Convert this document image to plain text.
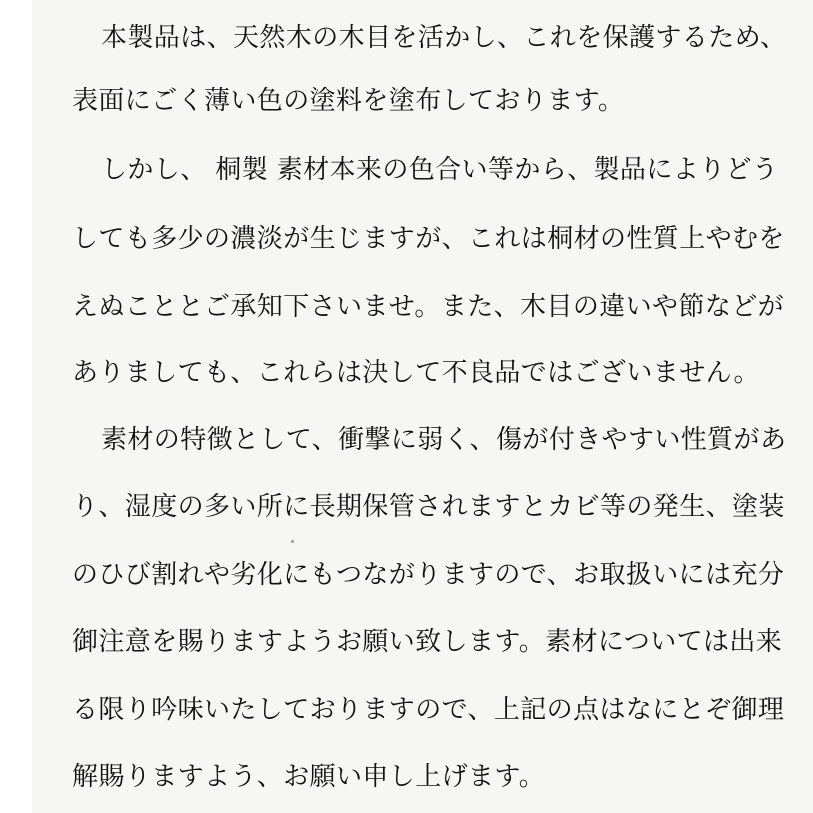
本製品は、天然木の木目を活かし、これを保護するため、
表面にごく薄い色の塗料を塗布しております。
しかし、 桐製 素材本来の色合い等から、製品によりどう
しても多少の濃淡が生じますが、これは桐材の性質上やむを
えぬこととご承知下さいませ。また、木目の違いや節などが
ありましても、これらは決して不良品ではございません。
素材の特徴として、衝撃に弱く、傷が付きやすい性質があ
り、湿度の多い所に長期保管されますとカビ等の発生、塗装
のひび割れや劣化にもつながりますので、お取扱いには充分
御注意を賜りますようお願い致します。素材については出来
る限り吟味いたしておりますので、上記の点はなにとぞ御理
解賜りますよう、お願い申し上げます。
